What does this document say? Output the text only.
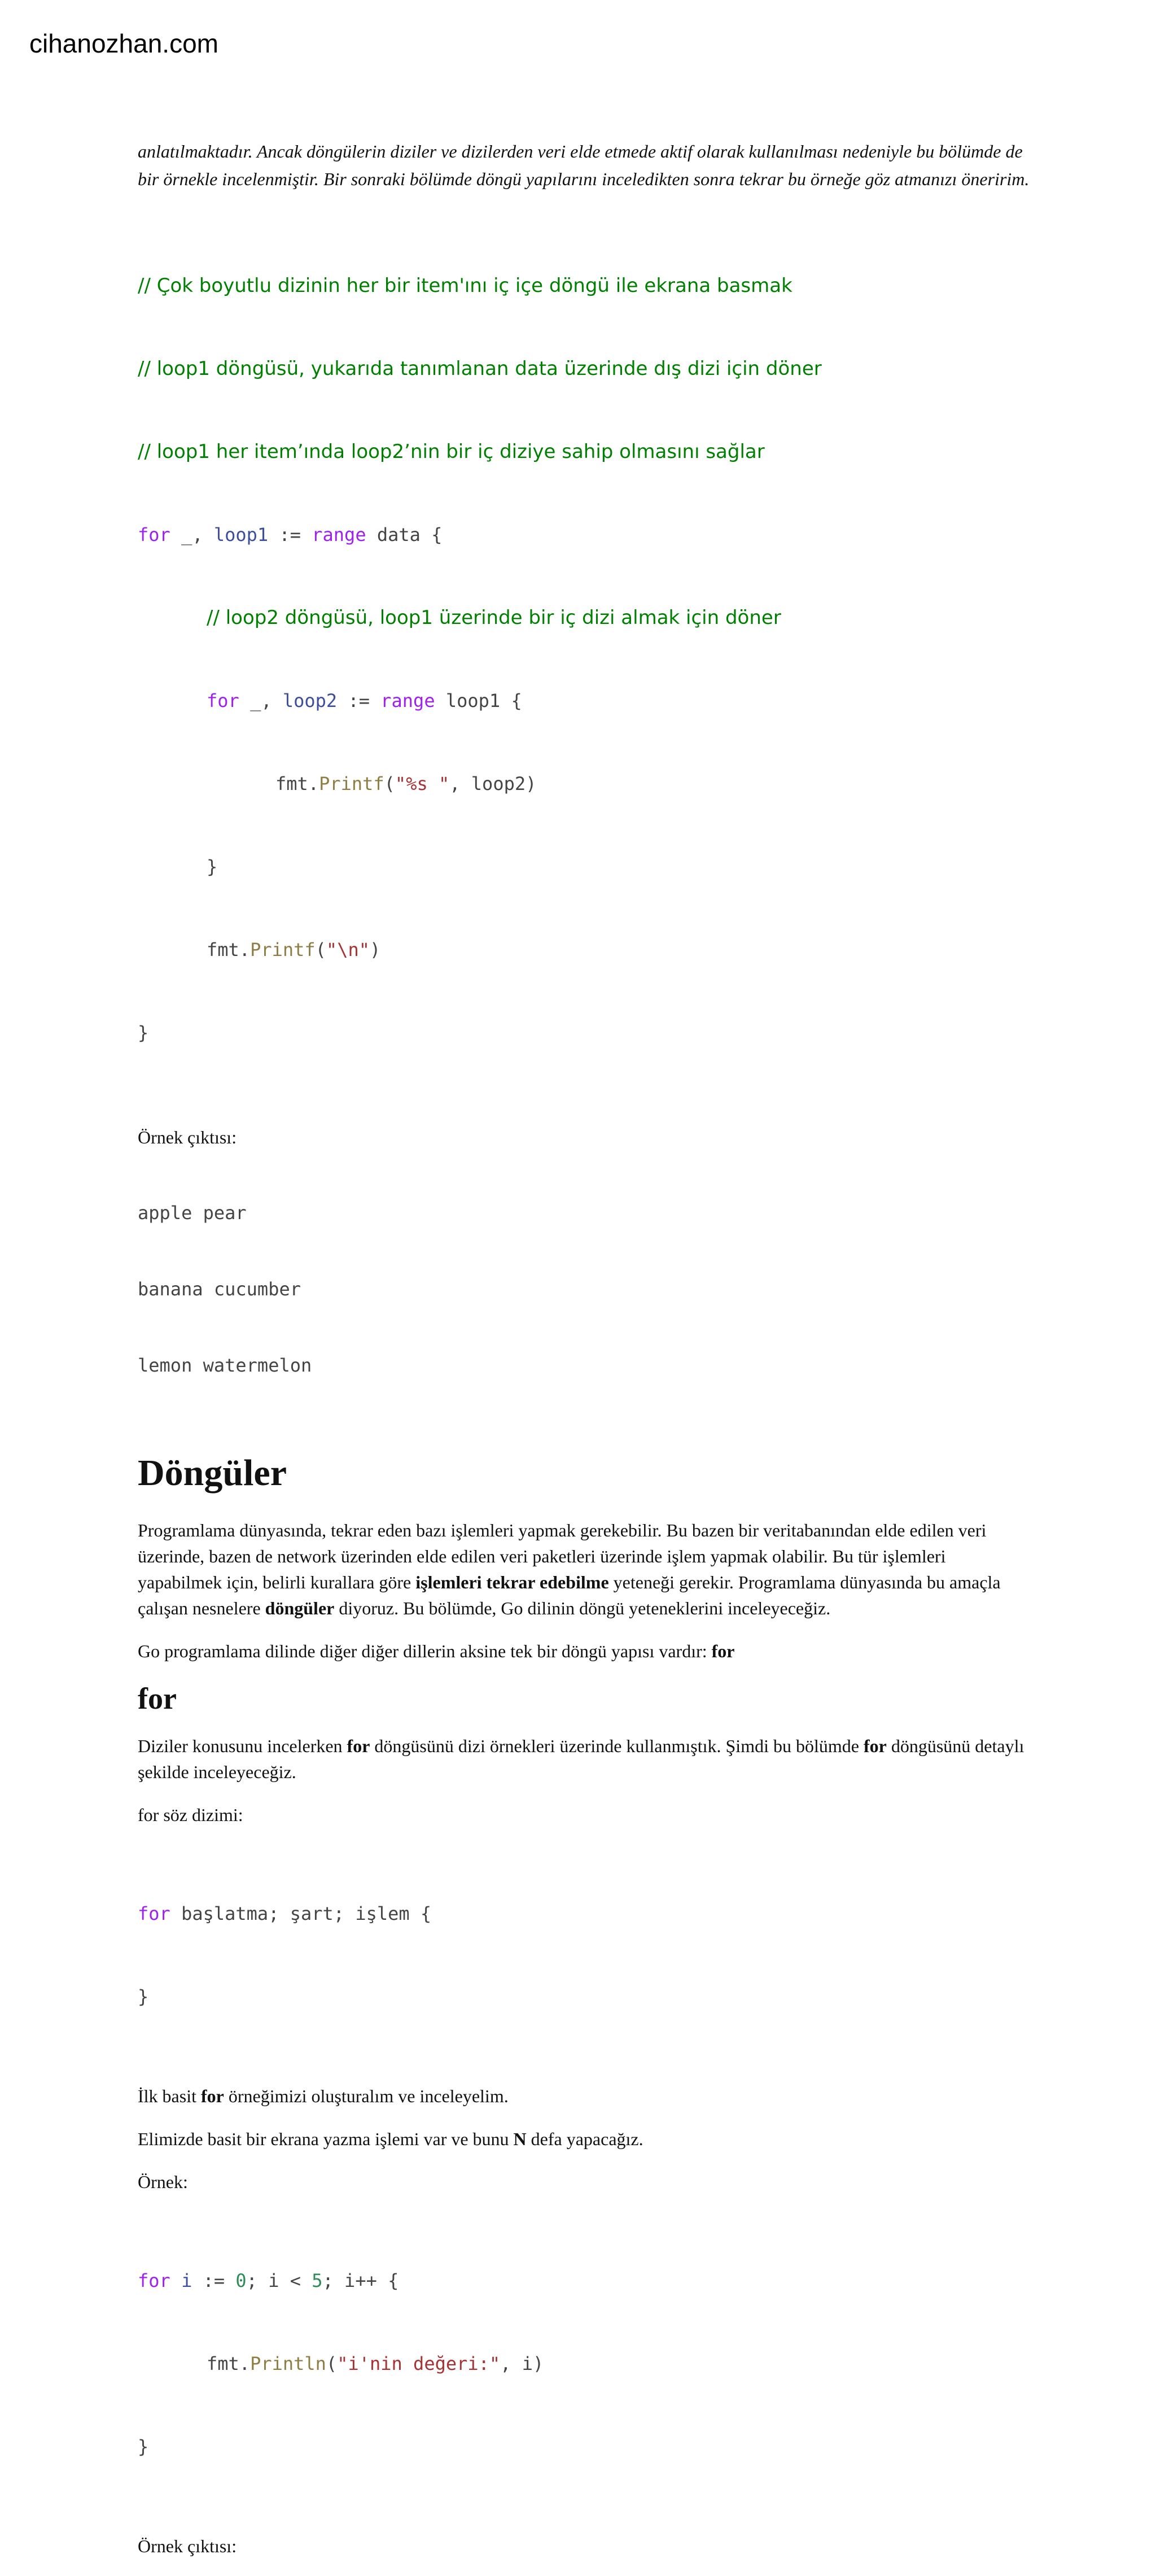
cihanozhan.com

anlatılmaktadır. Ancak döngülerin diziler ve dizilerden veri elde etmede aktif olarak kullanılması nedeniyle bu bölümde de bir örnekle incelenmiştir. Bir sonraki bölümde döngü yapılarını inceledikten sonra tekrar bu örneğe göz atmanızı öneririm.

// Çok boyutlu dizinin her bir item'ını iç içe döngü ile ekrana basmak

// loop1 döngüsü, yukarıda tanımlanan data üzerinde dış dizi için döner

// loop1 her item’ında loop2’nin bir iç diziye sahip olmasını sağlar

for _, loop1 := range data {

// loop2 döngüsü, loop1 üzerinde bir iç dizi almak için döner

for _, loop2 := range loop1 {

fmt.Printf("%s ", loop2)

}

fmt.Printf("\n")

}

Örnek çıktısı:

apple pear

banana cucumber

lemon watermelon

Döngüler

Programlama dünyasında, tekrar eden bazı işlemleri yapmak gerekebilir. Bu bazen bir veritabanından elde edilen veri üzerinde, bazen de network üzerinden elde edilen veri paketleri üzerinde işlem yapmak olabilir. Bu tür işlemleri yapabilmek için, belirli kurallara göre işlemleri tekrar edebilme yeteneği gerekir. Programlama dünyasında bu amaçla çalışan nesnelere döngüler diyoruz. Bu bölümde, Go dilinin döngü yeteneklerini inceleyeceğiz.

Go programlama dilinde diğer diğer dillerin aksine tek bir döngü yapısı vardır: for

for

Diziler konusunu incelerken for döngüsünü dizi örnekleri üzerinde kullanmıştık. Şimdi bu bölümde for döngüsünü detaylı şekilde inceleyeceğiz.

for söz dizimi:

for başlatma; şart; işlem {

}

İlk basit for örneğimizi oluşturalım ve inceleyelim.

Elimizde basit bir ekrana yazma işlemi var ve bunu N defa yapacağız.

Örnek:

for i := 0; i < 5; i++ {

fmt.Println("i'nin değeri:", i)

}

Örnek çıktısı:
